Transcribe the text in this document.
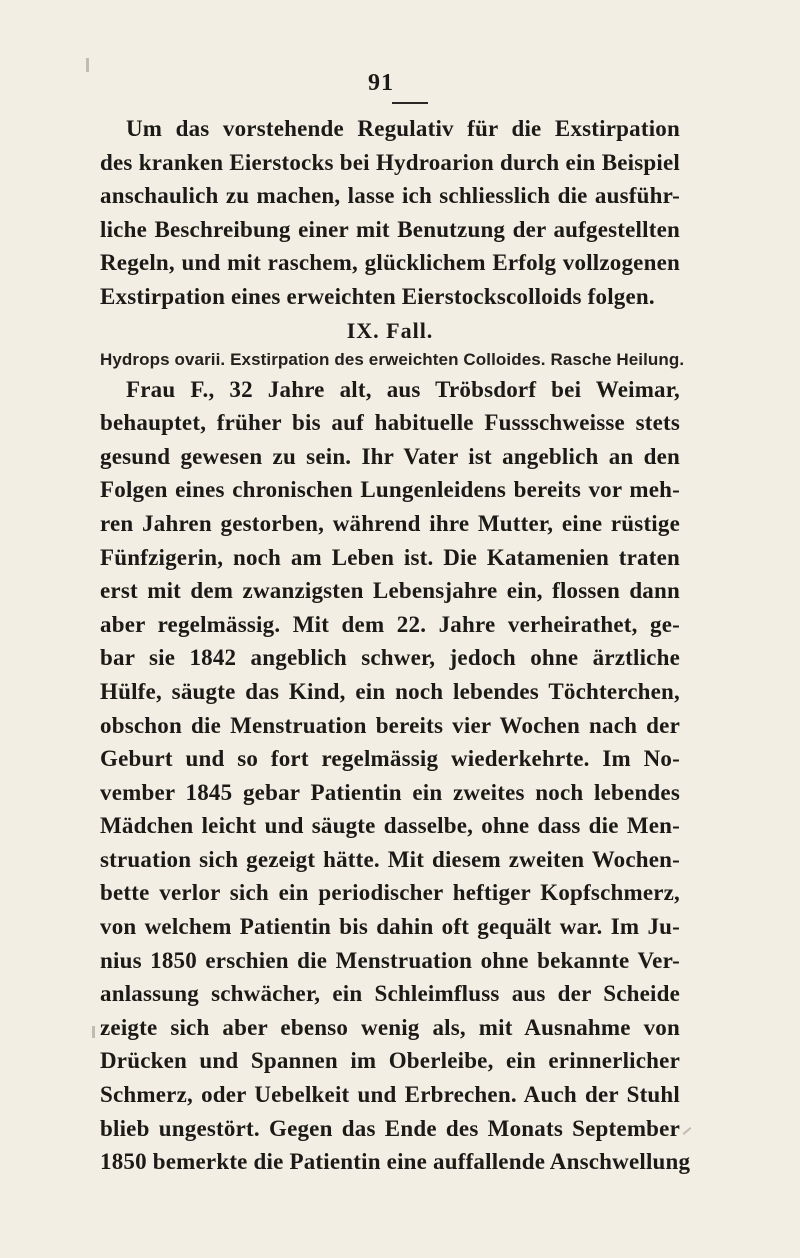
91
Um das vorstehende Regulativ für die Exstirpation
des kranken Eierstocks bei Hydroarion durch ein Beispiel
anschaulich zu machen, lasse ich schliesslich die ausführ-
liche Beschreibung einer mit Benutzung der aufgestellten
Regeln, und mit raschem, glücklichem Erfolg vollzogenen
Exstirpation eines erweichten Eierstockscolloids folgen.
IX. Fall.
Hydrops ovarii. Exstirpation des erweichten Colloides. Rasche Heilung.
Frau F., 32 Jahre alt, aus Tröbsdorf bei Weimar,
behauptet, früher bis auf habituelle Fussschweisse stets
gesund gewesen zu sein. Ihr Vater ist angeblich an den
Folgen eines chronischen Lungenleidens bereits vor meh-
ren Jahren gestorben, während ihre Mutter, eine rüstige
Fünfzigerin, noch am Leben ist. Die Katamenien traten
erst mit dem zwanzigsten Lebensjahre ein, flossen dann
aber regelmässig. Mit dem 22. Jahre verheirathet, ge-
bar sie 1842 angeblich schwer, jedoch ohne ärztliche
Hülfe, säugte das Kind, ein noch lebendes Töchterchen,
obschon die Menstruation bereits vier Wochen nach der
Geburt und so fort regelmässig wiederkehrte. Im No-
vember 1845 gebar Patientin ein zweites noch lebendes
Mädchen leicht und säugte dasselbe, ohne dass die Men-
struation sich gezeigt hätte. Mit diesem zweiten Wochen-
bette verlor sich ein periodischer heftiger Kopfschmerz,
von welchem Patientin bis dahin oft gequält war. Im Ju-
nius 1850 erschien die Menstruation ohne bekannte Ver-
anlassung schwächer, ein Schleimfluss aus der Scheide
zeigte sich aber ebenso wenig als, mit Ausnahme von
Drücken und Spannen im Oberleibe, ein erinnerlicher
Schmerz, oder Uebelkeit und Erbrechen. Auch der Stuhl
blieb ungestört. Gegen das Ende des Monats September
1850 bemerkte die Patientin eine auffallende Anschwellung
